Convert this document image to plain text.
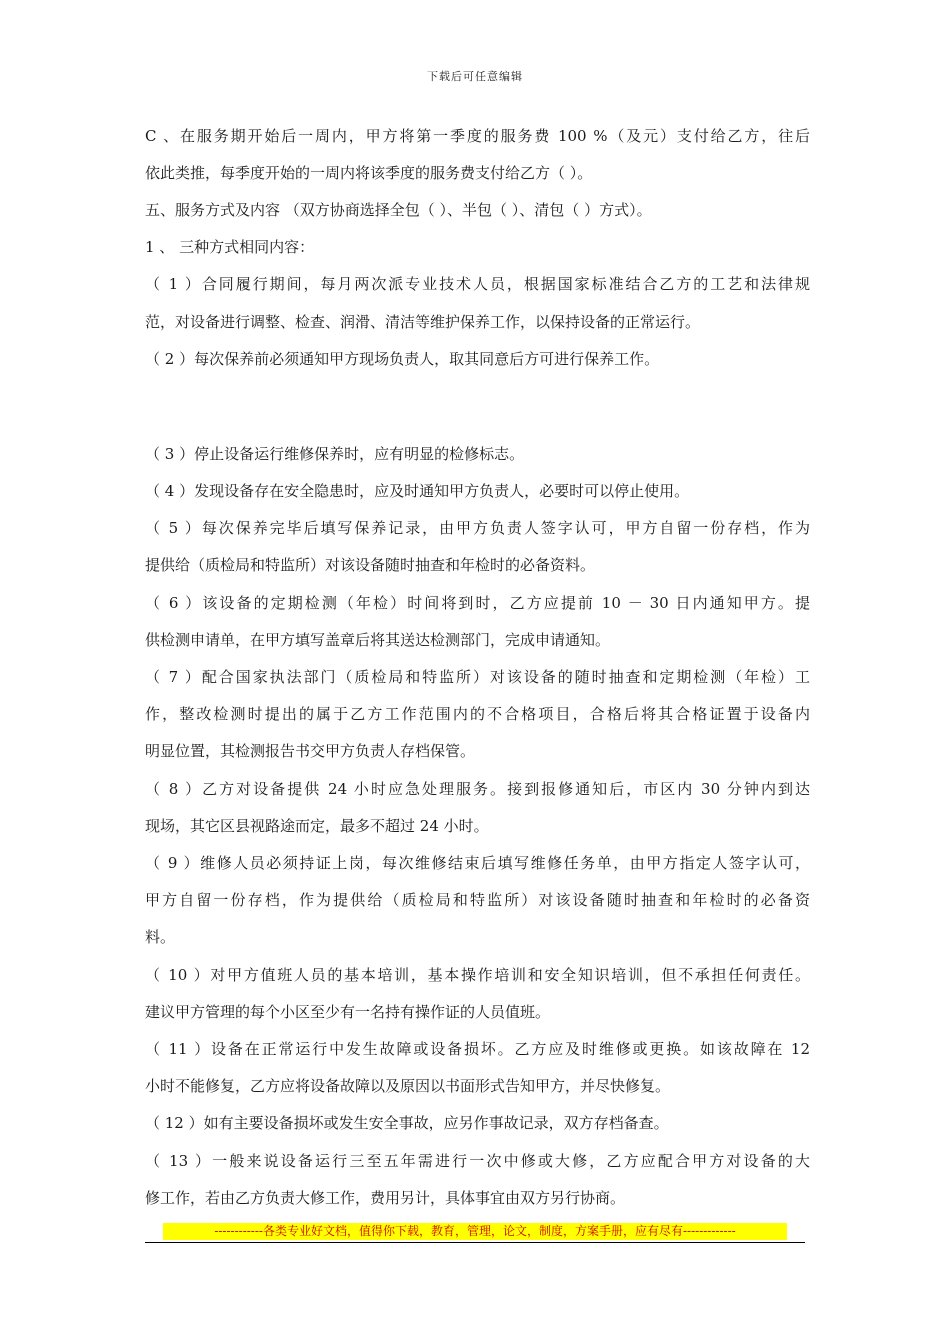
下载后可任意编辑
C 、在服务期开始后一周内，甲方将第一季度的服务费 100 %（及元）支付给乙方，往后
依此类推，每季度开始的一周内将该季度的服务费支付给乙方（ ）。
五、服务方式及内容 （双方协商选择全包（ ）、半包（ ）、清包（ ）方式）。
1 、 三种方式相同内容：
（ 1 ）合同履行期间，每月两次派专业技术人员，根据国家标准结合乙方的工艺和法律规
范，对设备进行调整、检查、润滑、清洁等维护保养工作，以保持设备的正常运行。
（ 2 ）每次保养前必须通知甲方现场负责人，取其同意后方可进行保养工作。
（ 3 ）停止设备运行维修保养时，应有明显的检修标志。
（ 4 ）发现设备存在安全隐患时，应及时通知甲方负责人，必要时可以停止使用。
（ 5 ）每次保养完毕后填写保养记录，由甲方负责人签字认可，甲方自留一份存档，作为
提供给（质检局和特监所）对该设备随时抽查和年检时的必备资料。
（ 6 ）该设备的定期检测（年检）时间将到时，乙方应提前 10 － 30 日内通知甲方。提
供检测申请单，在甲方填写盖章后将其送达检测部门，完成申请通知。
（ 7 ）配合国家执法部门（质检局和特监所）对该设备的随时抽查和定期检测（年检）工
作，整改检测时提出的属于乙方工作范围内的不合格项目，合格后将其合格证置于设备内
明显位置，其检测报告书交甲方负责人存档保管。
（ 8 ）乙方对设备提供 24 小时应急处理服务。接到报修通知后，市区内 30 分钟内到达
现场，其它区县视路途而定，最多不超过 24 小时。
（ 9 ）维修人员必须持证上岗，每次维修结束后填写维修任务单，由甲方指定人签字认可，
甲方自留一份存档，作为提供给（质检局和特监所）对该设备随时抽查和年检时的必备资
料。
（ 10 ）对甲方值班人员的基本培训，基本操作培训和安全知识培训，但不承担任何责任。
建议甲方管理的每个小区至少有一名持有操作证的人员值班。
（ 11 ）设备在正常运行中发生故障或设备损坏。乙方应及时维修或更换。如该故障在 12
小时不能修复，乙方应将设备故障以及原因以书面形式告知甲方，并尽快修复。
（ 12 ）如有主要设备损坏或发生安全事故，应另作事故记录，双方存档备查。
（ 13 ）一般来说设备运行三至五年需进行一次中修或大修，乙方应配合甲方对设备的大
修工作，若由乙方负责大修工作，费用另计，具体事宜由双方另行协商。
------------各类专业好文档，值得你下载，教育，管理，论文，制度，方案手册，应有尽有-------------
